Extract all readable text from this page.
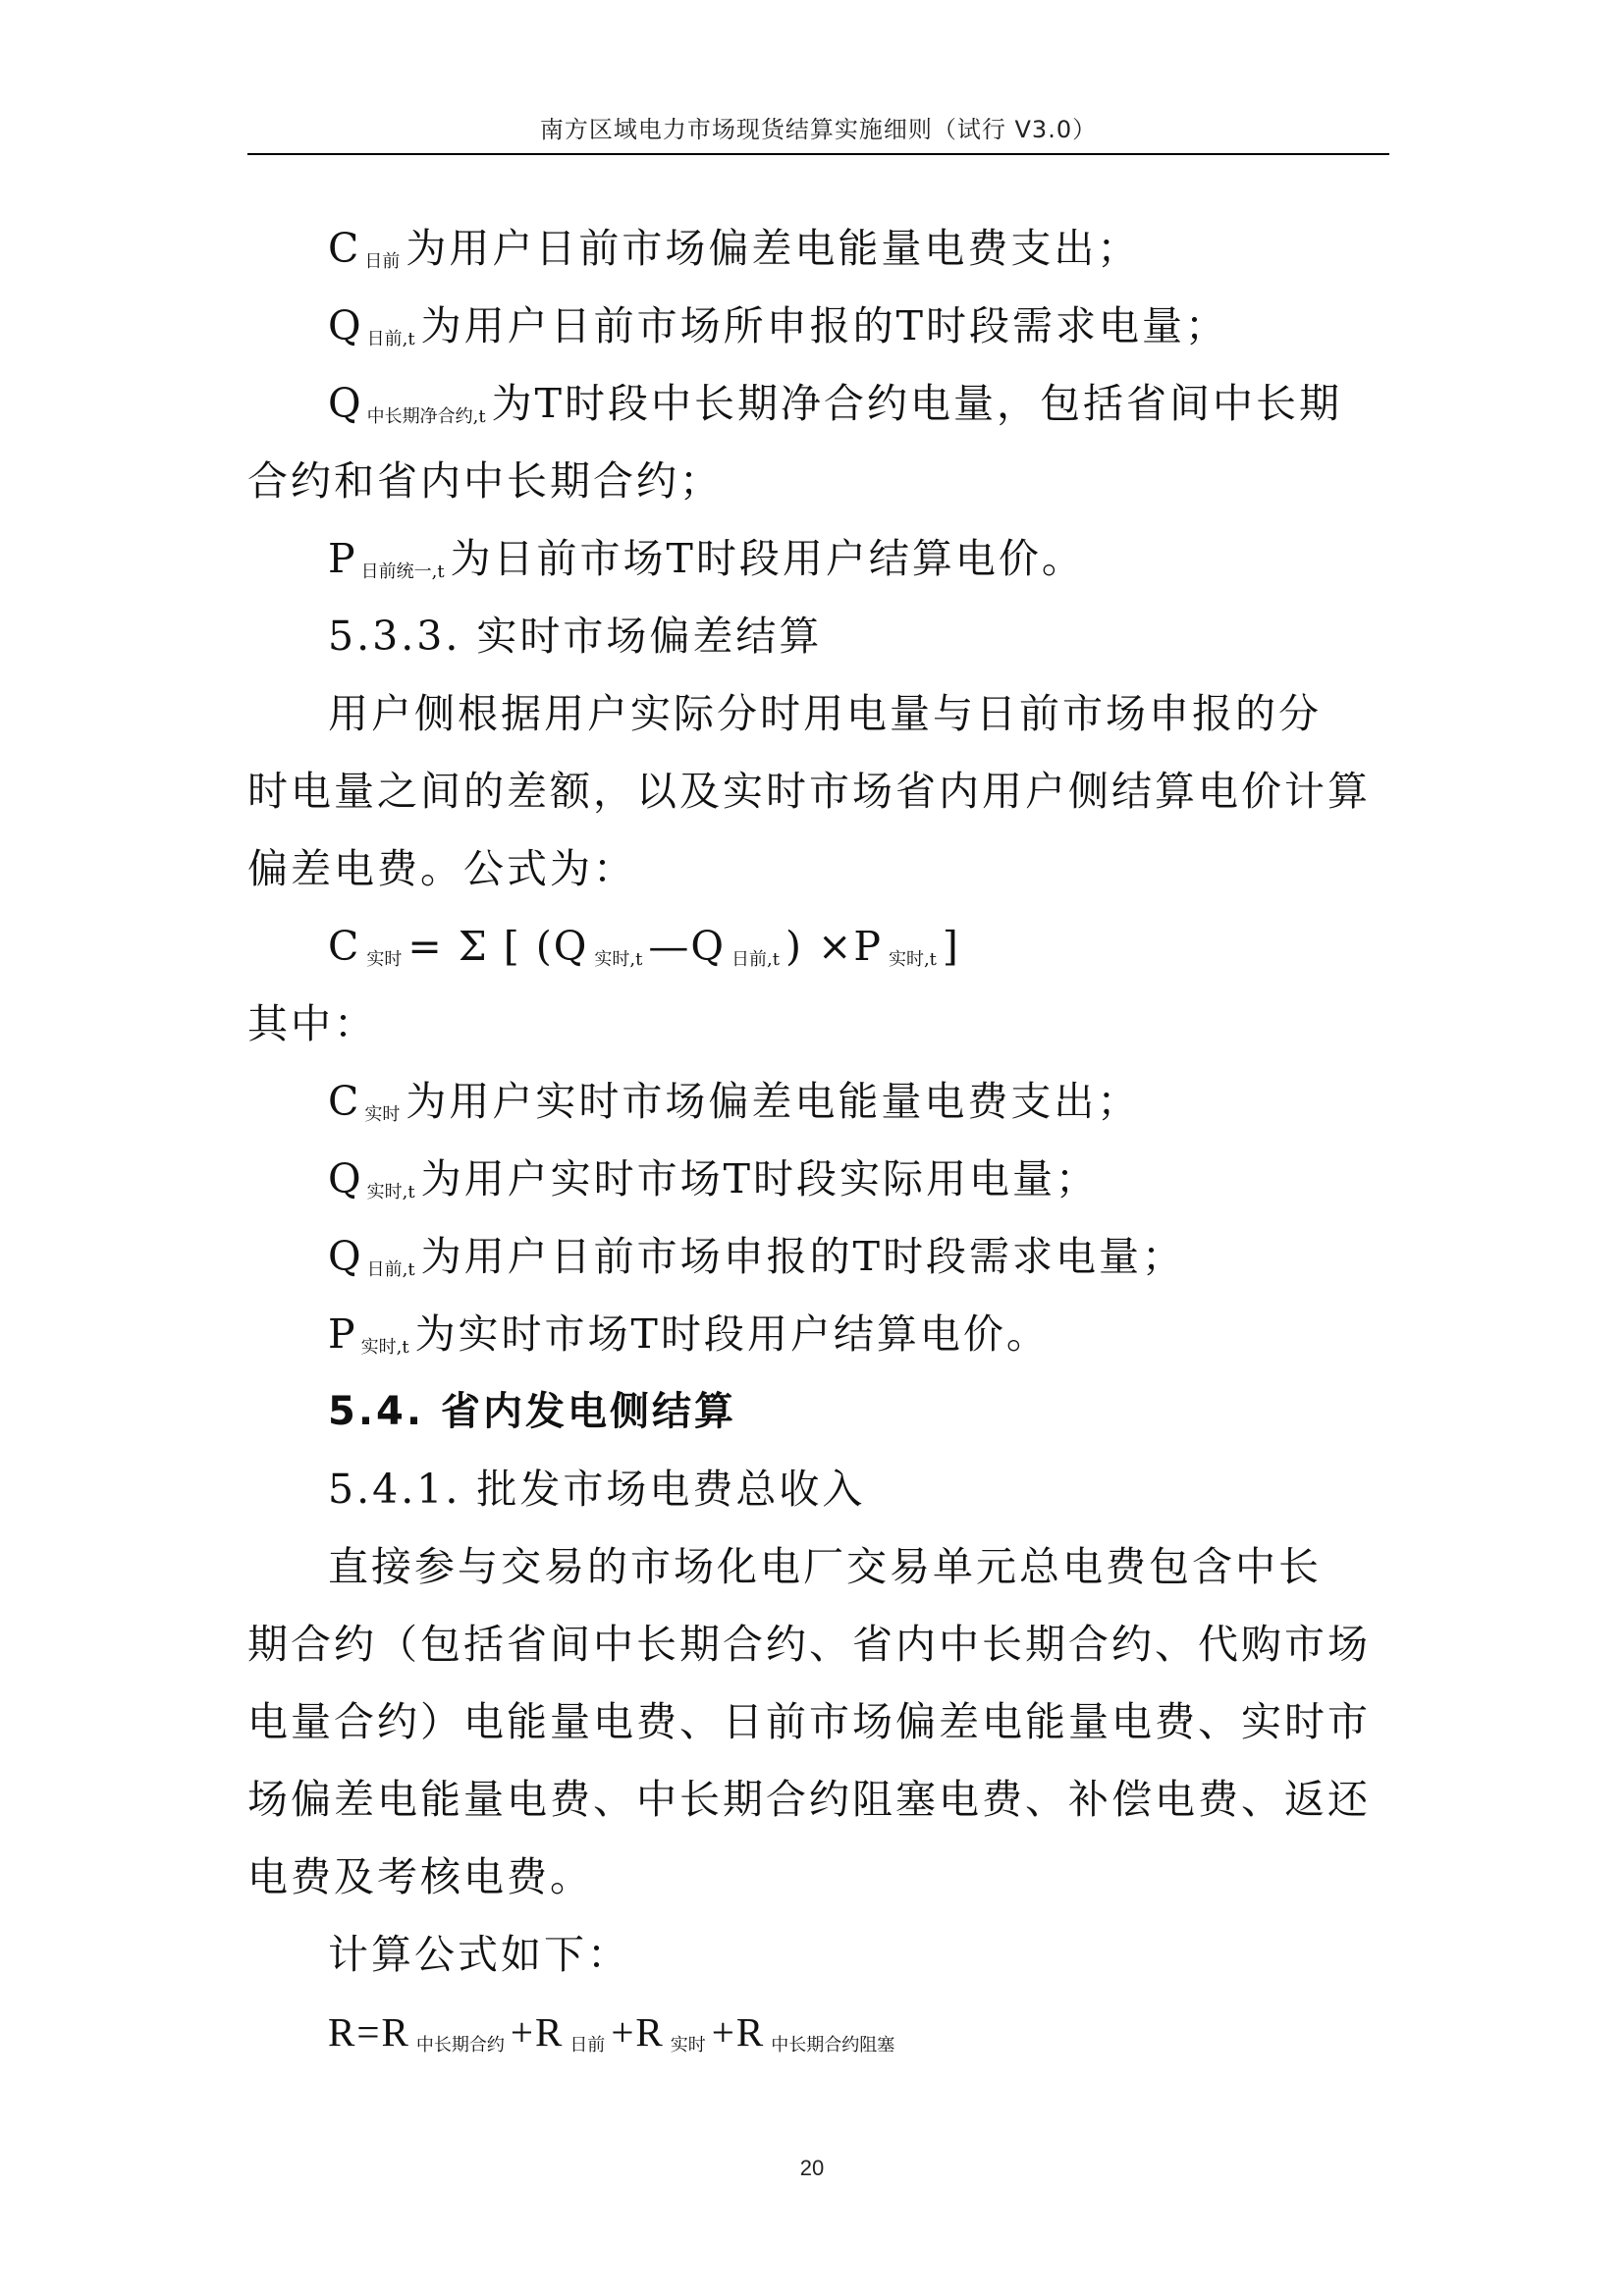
南方区域电力市场现货结算实施细则（试行 V3.0）

C $_{日前}$ 为用户日前市场偏差电能量电费支出；

Q $_{日前,t}$ 为用户日前市场所申报的T时段需求电量；

Q $_{中长期净合约,t}$ 为T时段中长期净合约电量，包括省间中长期

合约和省内中长期合约；

P $_{日前统一,t}$ 为日前市场T时段用户结算电价。

5.3.3. 实时市场偏差结算

用户侧根据用户实际分时用电量与日前市场申报的分

时电量之间的差额，以及实时市场省内用户侧结算电价计算

偏差电费。公式为：

C $_{实时}$ = Σ [ (Q $_{实时,t}$ —Q $_{日前,t}$ ) ×P $_{实时,t}$ ]

其中：

C $_{实时}$ 为用户实时市场偏差电能量电费支出；

Q $_{实时,t}$ 为用户实时市场T时段实际用电量；

Q $_{日前,t}$ 为用户日前市场申报的T时段需求电量；

P $_{实时,t}$ 为实时市场T时段用户结算电价。

5.4. 省内发电侧结算

5.4.1. 批发市场电费总收入

直接参与交易的市场化电厂交易单元总电费包含中长

期合约（包括省间中长期合约、省内中长期合约、代购市场

电量合约）电能量电费、日前市场偏差电能量电费、实时市

场偏差电能量电费、中长期合约阻塞电费、补偿电费、返还

电费及考核电费。

计算公式如下：

R=R $_{中长期合约}$ +R $_{日前}$ +R $_{实时}$ +R $_{中长期合约阻塞}$

20
